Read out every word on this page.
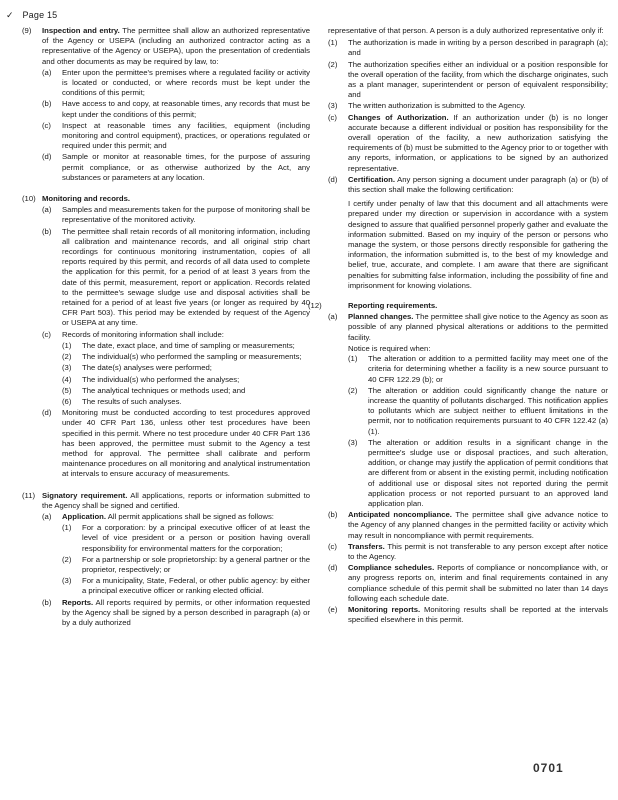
✓ Page 15
(9) Inspection and entry. The permittee shall allow an authorized representative of the Agency or USEPA (including an authorized contractor acting as a representative of the Agency or USEPA), upon the presentation of credentials and other documents as may be required by law, to:
(a) Enter upon the permittee's premises where a regulated facility or activity is located or conducted, or where records must be kept under the conditions of this permit;
(b) Have access to and copy, at reasonable times, any records that must be kept under the conditions of this permit;
(c) Inspect at reasonable times any facilities, equipment (including monitoring and control equipment), practices, or operations regulated or required under this permit; and
(d) Sample or monitor at reasonable times, for the purpose of assuring permit compliance, or as otherwise authorized by the Act, any substances or parameters at any location.
(10) Monitoring and records.
(a) Samples and measurements taken for the purpose of monitoring shall be representative of the monitored activity.
(b) The permittee shall retain records of all monitoring information, including all calibration and maintenance records, and all original strip chart recordings for continuous monitoring instrumentation, copies of all reports required by this permit, and records of all data used to complete the application for this permit, for a period of at least 3 years from the date of this permit, measurement, report or application. Records related to the permittee's sewage sludge use and disposal activities shall be retained for a period of at least five years (or longer as required by 40 CFR Part 503). This period may be extended by request of the Agency or USEPA at any time.
(c) Records of monitoring information shall include:
(1) The date, exact place, and time of sampling or measurements;
(2) The individual(s) who performed the sampling or measurements;
(3) The date(s) analyses were performed;
(4) The individual(s) who performed the analyses;
(5) The analytical techniques or methods used; and
(6) The results of such analyses.
(d) Monitoring must be conducted according to test procedures approved under 40 CFR Part 136, unless other test procedures have been specified in this permit. Where no test procedure under 40 CFR Part 136 has been approved, the permittee must submit to the Agency a test method for approval. The permittee shall calibrate and perform maintenance procedures on all monitoring and analytical instrumentation at intervals to ensure accuracy of measurements.
(11) Signatory requirement. All applications, reports or information submitted to the Agency shall be signed and certified.
(a) Application. All permit applications shall be signed as follows:
(1) For a corporation: by a principal executive officer of at least the level of vice president or a person or position having overall responsibility for environmental matters for the corporation;
(2) For a partnership or sole proprietorship: by a general partner or the proprietor, respectively; or
(3) For a municipality, State, Federal, or other public agency: by either a principal executive officer or ranking elected official.
(b) Reports. All reports required by permits, or other information requested by the Agency shall be signed by a person described in paragraph (a) or by a duly authorized
representative of that person. A person is a duly authorized representative only if:
(1) The authorization is made in writing by a person described in paragraph (a); and
(2) The authorization specifies either an individual or a position responsible for the overall operation of the facility, from which the discharge originates, such as a plant manager, superintendent or person of equivalent responsibility; and
(3) The written authorization is submitted to the Agency.
(c) Changes of Authorization. If an authorization under (b) is no longer accurate because a different individual or position has responsibility for the overall operation of the facility, a new authorization satisfying the requirements of (b) must be submitted to the Agency prior to or together with any reports, information, or applications to be signed by an authorized representative.
(d) Certification. Any person signing a document under paragraph (a) or (b) of this section shall make the following certification:
I certify under penalty of law that this document and all attachments were prepared under my direction or supervision in accordance with a system designed to assure that qualified personnel properly gather and evaluate the information submitted. Based on my inquiry of the person or persons who manage the system, or those persons directly responsible for gathering the information, the information submitted is, to the best of my knowledge and belief, true, accurate, and complete. I am aware that there are significant penalties for submitting false information, including the possibility of fine and imprisonment for knowing violations.
(12)	Reporting requirements.
(a) Planned changes. The permittee shall give notice to the Agency as soon as possible of any planned physical alterations or additions to the permitted facility.
Notice is required when:
(1) The alteration or addition to a permitted facility may meet one of the criteria for determining whether a facility is a new source pursuant to 40 CFR 122.29 (b); or
(2) The alteration or addition could significantly change the nature or increase the quantity of pollutants discharged. This notification applies to pollutants which are subject neither to effluent limitations in the permit, nor to notification requirements pursuant to 40 CFR 122.42 (a)(1).
(3) The alteration or addition results in a significant change in the permittee's sludge use or disposal practices, and such alteration, addition, or change may justify the application of permit conditions that are different from or absent in the existing permit, including notification of additional use or disposal sites not reported during the permit application process or not reported pursuant to an approved land application plan.
(b) Anticipated noncompliance. The permittee shall give advance notice to the Agency of any planned changes in the permitted facility or activity which may result in noncompliance with permit requirements.
(c) Transfers. This permit is not transferable to any person except after notice to the Agency.
(d) Compliance schedules. Reports of compliance or noncompliance with, or any progress reports on, interim and final requirements contained in any compliance schedule of this permit shall be submitted no later than 14 days following each schedule date.
(e) Monitoring reports. Monitoring results shall be reported at the intervals specified elsewhere in this permit.
0701
